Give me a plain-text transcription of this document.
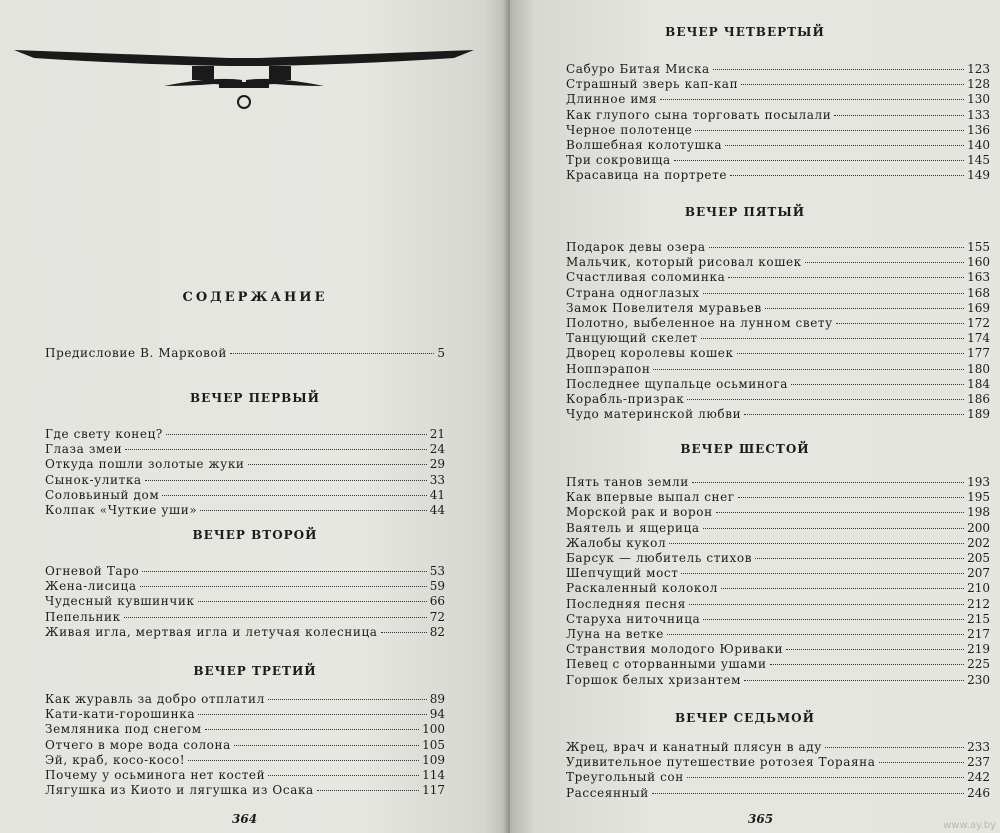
СОДЕРЖАНИЕ
Предисловие В. Марковой	5
ВЕЧЕР ПЕРВЫЙ
Где свету конец?	21
Глаза змеи	24
Откуда пошли золотые жуки	29
Сынок-улитка	33
Соловьиный дом	41
Колпак «Чуткие уши»	44
ВЕЧЕР ВТОРОЙ
Огневой Таро	53
Жена-лисица	59
Чудесный кувшинчик	66
Пепельник	72
Живая игла, мертвая игла и летучая колесница	82
ВЕЧЕР ТРЕТИЙ
Как журавль за добро отплатил	89
Кати-кати-горошинка	94
Земляника под снегом	100
Отчего в море вода солона	105
Эй, краб, косо-косо!	109
Почему у осьминога нет костей	114
Лягушка из Киото и лягушка из Осака	117
364
ВЕЧЕР ЧЕТВЕРТЫЙ
Сабуро Битая Миска	123
Страшный зверь кап-кап	128
Длинное имя	130
Как глупого сына торговать посылали	133
Черное полотенце	136
Волшебная колотушка	140
Три сокровища	145
Красавица на портрете	149
ВЕЧЕР ПЯТЫЙ
Подарок девы озера	155
Мальчик, который рисовал кошек	160
Счастливая соломинка	163
Страна одноглазых	168
Замок Повелителя муравьев	169
Полотно, выбеленное на лунном свету	172
Танцующий скелет	174
Дворец королевы кошек	177
Ноппэрапон	180
Последнее щупальце осьминога	184
Корабль-призрак	186
Чудо материнской любви	189
ВЕЧЕР ШЕСТОЙ
Пять танов земли	193
Как впервые выпал снег	195
Морской рак и ворон	198
Ваятель и ящерица	200
Жалобы кукол	202
Барсук — любитель стихов	205
Шепчущий мост	207
Раскаленный колокол	210
Последняя песня	212
Старуха ниточница	215
Луна на ветке	217
Странствия молодого Юриваки	219
Певец с оторванными ушами	225
Горшок белых хризантем	230
ВЕЧЕР СЕДЬМОЙ
Жрец, врач и канатный плясун в аду	233
Удивительное путешествие ротозея Тораяна	237
Треугольный сон	242
Рассеянный	246
365	www.ay.by
